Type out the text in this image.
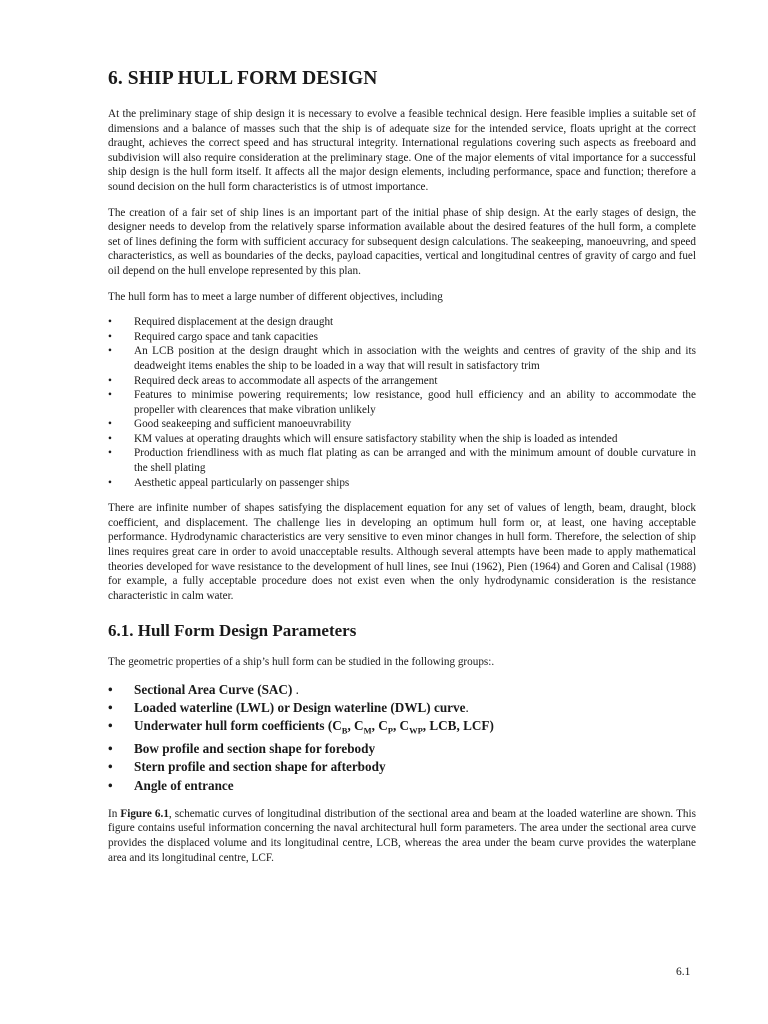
6. SHIP HULL FORM DESIGN

At the preliminary stage of ship design it is necessary to evolve a feasible technical design. Here feasible implies a suitable set of dimensions and a balance of masses such that the ship is of adequate size for the intended service, floats upright at the correct draught, achieves the correct speed and has structural integrity. International regulations covering such aspects as freeboard and subdivision will also require consideration at the preliminary stage. One of the major elements of vital importance for a successful ship design is the hull form itself. It affects all the major design elements, including performance, space and function; therefore a sound decision on the hull form characteristics is of utmost importance.

The creation of a fair set of ship lines is an important part of the initial phase of ship design. At the early stages of design, the designer needs to develop from the relatively sparse information available about the desired features of the hull form, a complete set of lines defining the form with sufficient accuracy for subsequent design calculations. The seakeeping, manoeuvring, and speed characteristics, as well as boundaries of the decks, payload capacities, vertical and longitudinal centres of gravity of cargo and fuel oil depend on the hull envelope represented by this plan.

The hull form has to meet a large number of different objectives, including

• Required displacement at the design draught
• Required cargo space and tank capacities
• An LCB position at the design draught which in association with the weights and centres of gravity of the ship and its deadweight items enables the ship to be loaded in a way that will result in satisfactory trim
• Required deck areas to accommodate all aspects of the arrangement
• Features to minimise powering requirements; low resistance, good hull efficiency and an ability to accommodate the propeller with clearences that make vibration unlikely
• Good seakeeping and sufficient manoeuvrability
• KM values at operating draughts which will ensure satisfactory stability when the ship is loaded as intended
• Production friendliness with as much flat plating as can be arranged and with the minimum amount of double curvature in the shell plating
• Aesthetic appeal particularly on passenger ships

There are infinite number of shapes satisfying the displacement equation for any set of values of length, beam, draught, block coefficient, and displacement. The challenge lies in developing an optimum hull form or, at least, one having acceptable performance. Hydrodynamic characteristics are very sensitive to even minor changes in hull form. Therefore, the selection of ship lines requires great care in order to avoid unacceptable results. Although several attempts have been made to apply mathematical theories developed for wave resistance to the development of hull lines, see Inui (1962), Pien (1964) and Goren and Calisal (1988) for example, a fully acceptable procedure does not exist even when the only hydrodynamic consideration is the resistance characteristic in calm water.

6.1. Hull Form Design Parameters

The geometric properties of a ship’s hull form can be studied in the following groups:.

• Sectional Area Curve (SAC) .
• Loaded waterline (LWL) or Design waterline (DWL) curve.
• Underwater hull form coefficients ($C_B$, $C_M$, $C_P$, $C_{WP}$, LCB, LCF)
• Bow profile and section shape for forebody
• Stern profile and section shape for afterbody
• Angle of entrance

In Figure 6.1, schematic curves of longitudinal distribution of the sectional area and beam at the loaded waterline are shown. This figure contains useful information concerning the naval architectural hull form parameters. The area under the sectional area curve provides the displaced volume and its longitudinal centre, LCB, whereas the area under the beam curve provides the waterplane area and its longitudinal centre, LCF.

6.1
